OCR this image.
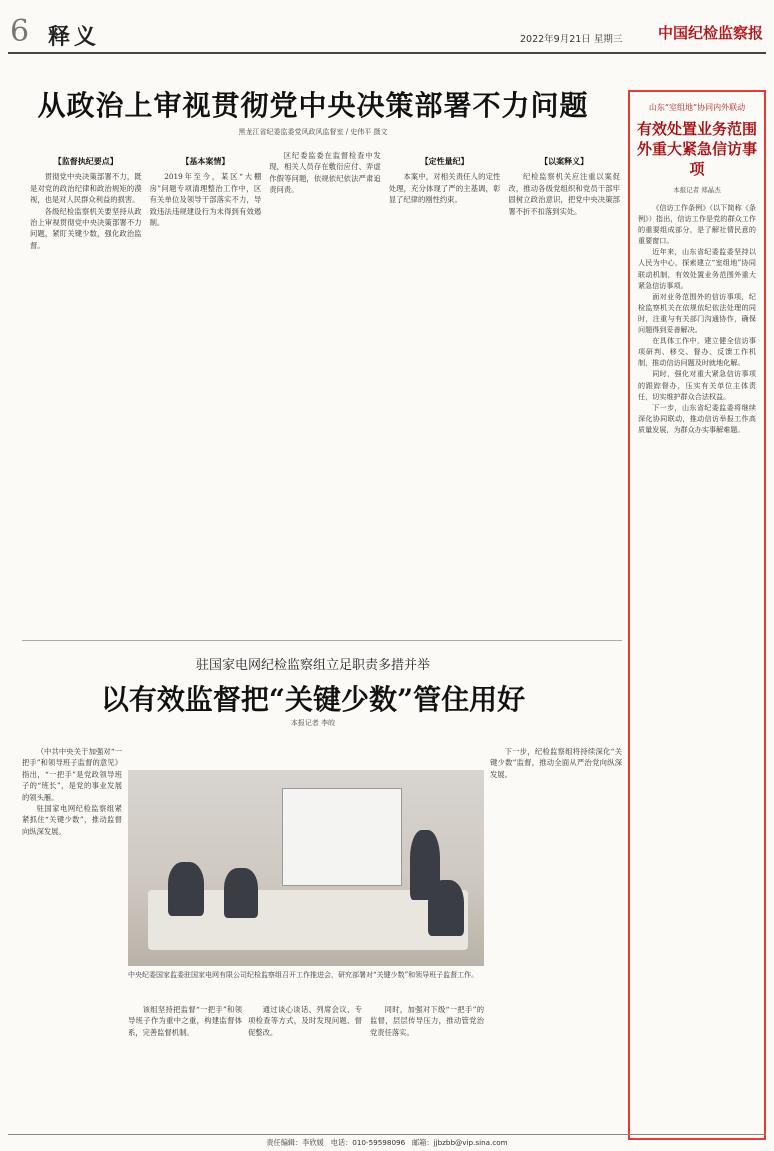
6 释义	2022年9月21日 星期三 中国纪检监察报
从政治上审视贯彻党中央决策部署不力问题
黑龙江省纪委监委党风政风监督室 / 史伟平 摄文
【监督执纪要点】

贯彻党中央决策部署不力，既是对党的政治纪律和政治规矩的漠视，也是对人民群众利益的损害。

各级纪检监察机关要坚持从政治上审视贯彻党中央决策部署不力问题，紧盯关键少数，强化政治监督。

【基本案情】

2019年至今，某区“大棚房”问题专项清理整治工作中，区有关单位及领导干部落实不力，导致违法违规建设行为未得到有效遏制。

区纪委监委在监督检查中发现，相关人员存在敷衍应付、弄虚作假等问题，依规依纪依法严肃追责问责。

【定性量纪】

本案中，对相关责任人的定性处理，充分体现了严的主基调，彰显了纪律的刚性约束。

【以案释义】

纪检监察机关应注重以案促改，推动各级党组织和党员干部牢固树立政治意识，把党中央决策部署不折不扣落到实处。

驻国家电网纪检监察组立足职责多措并举
以有效监督把“关键少数”管住用好
本报记者 李皎

（中共中央关于加强对“一把手”和领导班子监督的意见》指出，“一把手”是党政领导班子的“班长”，是党的事业发展的领头雁。

驻国家电网纪检监察组紧紧抓住“关键少数”，推动监督向纵深发展。

中央纪委国家监委驻国家电网有限公司纪检监察组召开工作推进会，研究部署对“关键少数”和领导班子监督工作。

该组坚持把监督“一把手”和领导班子作为重中之重，构建监督体系，完善监督机制。

通过谈心谈话、列席会议、专项检查等方式，及时发现问题、督促整改。

同时，加强对下级“一把手”的监督，层层传导压力，推动管党治党责任落实。

下一步，纪检监察组将持续深化“关键少数”监督，推动全面从严治党向纵深发展。

山东“室组地”协同内外联动
有效处置业务范围外重大紧急信访事项
本报记者 郑晶杰

《信访工作条例》（以下简称《条例》）指出，信访工作是党的群众工作的重要组成部分，是了解社情民意的重要窗口。

近年来，山东省纪委监委坚持以人民为中心，探索建立“室组地”协同联动机制，有效处置业务范围外重大紧急信访事项。

面对业务范围外的信访事项，纪检监察机关在依规依纪依法处理的同时，注重与有关部门沟通协作，确保问题得到妥善解决。

在具体工作中，建立健全信访事项研判、移交、督办、反馈工作机制，推动信访问题及时就地化解。

同时，强化对重大紧急信访事项的跟踪督办，压实有关单位主体责任，切实维护群众合法权益。

下一步，山东省纪委监委将继续深化协同联动，推动信访举报工作高质量发展，为群众办实事解难题。

责任编辑：李欣媛 电话：010-59598096 邮箱：jjbzbb@vip.sina.com
